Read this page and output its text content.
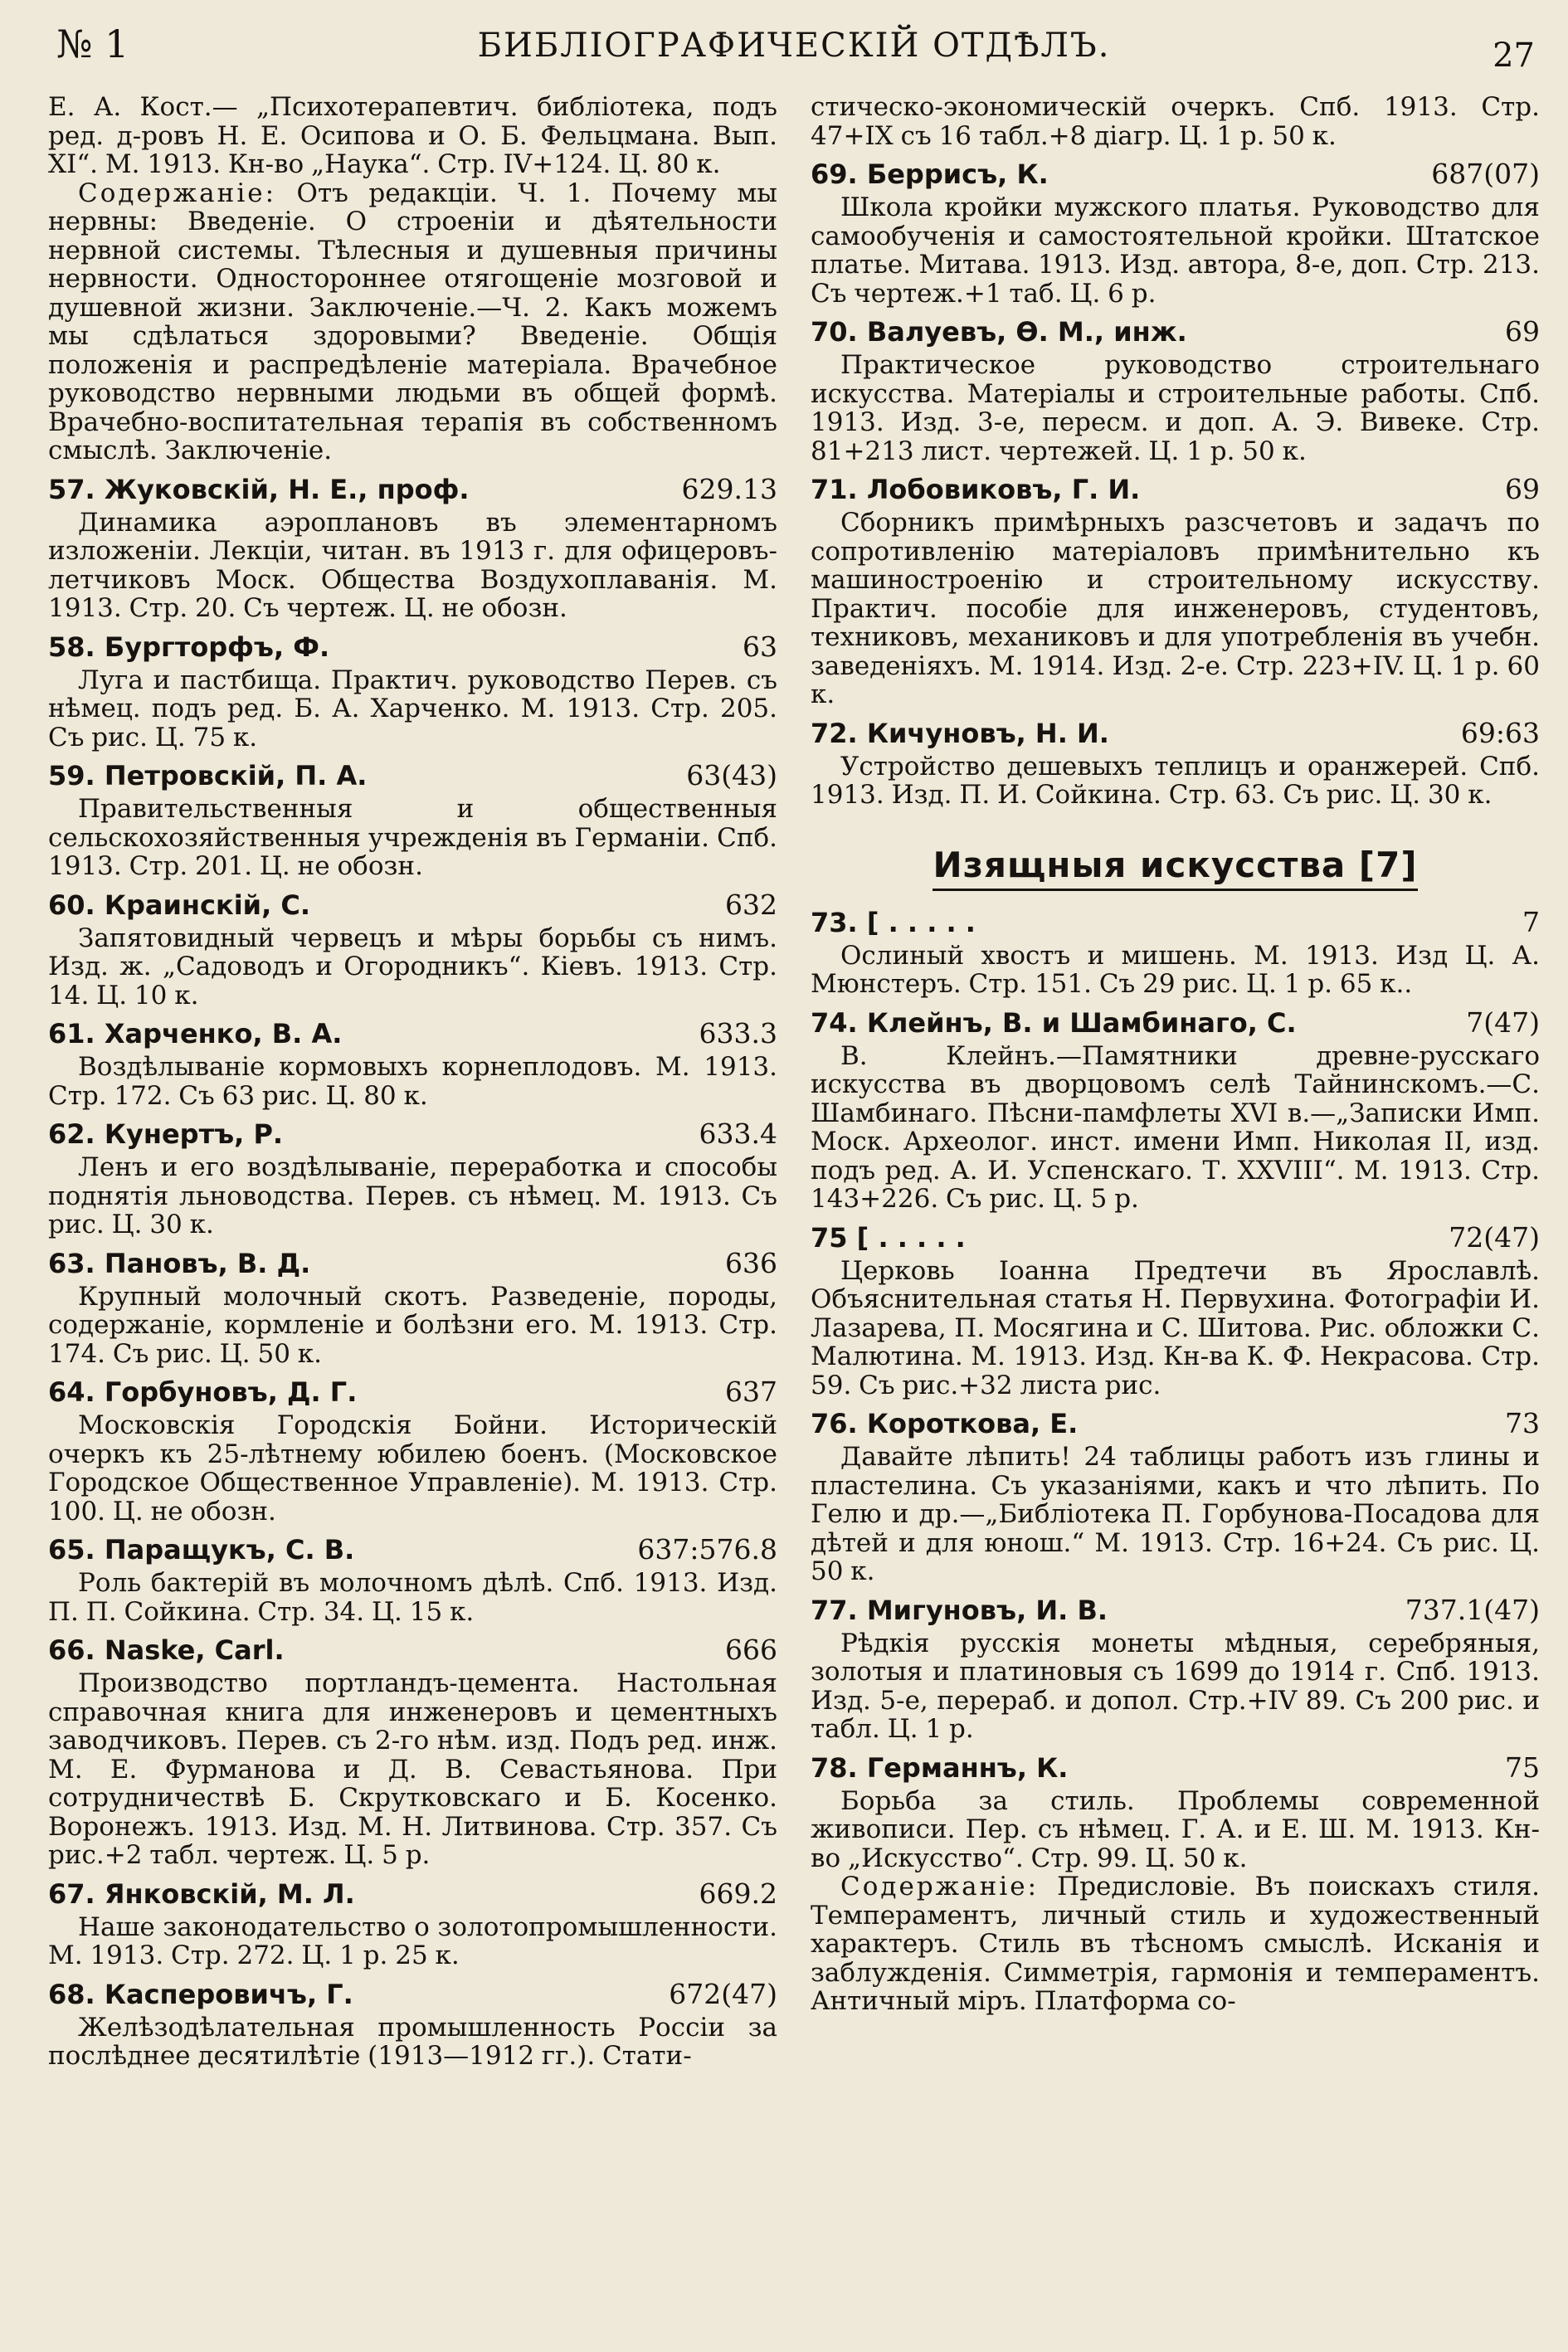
№ 1	БИБЛІОГРАФИЧЕСКІЙ ОТДѢЛЪ.	27

Е. А. Кост.— „Психотерапевтич. библіотека, подъ ред. д-ровъ Н. Е. Осипова и О. Б. Фельцмана. Вып. XI“. М. 1913. Кн-во „Наука“. Стр. IV+124. Ц. 80 к.

Содержаніе: Отъ редакціи. Ч. 1. Почему мы нервны: Введеніе. О строеніи и дѣятельности нервной системы. Тѣлесныя и душевныя причины нервности. Одностороннее отягощеніе мозговой и душевной жизни. Заключеніе.—Ч. 2. Какъ можемъ мы сдѣлаться здоровыми? Введеніе. Общія положенія и распредѣленіе матеріала. Врачебное руководство нервными людьми въ общей формѣ. Врачебно-воспитательная терапія въ собственномъ смыслѣ. Заключеніе.

57. Жуковскій, Н. Е., проф.	629.13

Динамика аэроплановъ въ элементарномъ изложеніи. Лекціи, читан. въ 1913 г. для офицеровъ-летчиковъ Моск. Общества Воздухоплаванія. М. 1913. Стр. 20. Съ чертеж. Ц. не обозн.

58. Бургторфъ, Ф.	63

Луга и пастбища. Практич. руководство Перев. съ нѣмец. подъ ред. Б. А. Харченко. М. 1913. Стр. 205. Съ рис. Ц. 75 к.

59. Петровскій, П. А.	63(43)

Правительственныя и общественныя сельскохозяйственныя учрежденія въ Германіи. Спб. 1913. Стр. 201. Ц. не обозн.

60. Краинскій, С.	632

Запятовидный червецъ и мѣры борьбы съ нимъ. Изд. ж. „Садоводъ и Огородникъ“. Кіевъ. 1913. Стр. 14. Ц. 10 к.

61. Харченко, В. А.	633.3

Воздѣлываніе кормовыхъ корнеплодовъ. М. 1913. Стр. 172. Съ 63 рис. Ц. 80 к.

62. Кунертъ, Р.	633.4

Ленъ и его воздѣлываніе, переработка и способы поднятія льноводства. Перев. съ нѣмец. М. 1913. Съ рис. Ц. 30 к.

63. Пановъ, В. Д.	636

Крупный молочный скотъ. Разведеніе, породы, содержаніе, кормленіе и болѣзни его. М. 1913. Стр. 174. Съ рис. Ц. 50 к.

64. Горбуновъ, Д. Г.	637

Московскія Городскія Бойни. Историческій очеркъ къ 25-лѣтнему юбилею боенъ. (Московское Городское Общественное Управленіе). М. 1913. Стр. 100. Ц. не обозн.

65. Паращукъ, С. В.	637:576.8

Роль бактерій въ молочномъ дѣлѣ. Спб. 1913. Изд. П. П. Сойкина. Стр. 34. Ц. 15 к.

66. Naske, Carl.	666

Производство портландъ-цемента. Настольная справочная книга для инженеровъ и цементныхъ заводчиковъ. Перев. съ 2-го нѣм. изд. Подъ ред. инж. М. Е. Фурманова и Д. В. Севастьянова. При сотрудничествѣ Б. Скрутковскаго и Б. Косенко. Воронежъ. 1913. Изд. М. Н. Литвинова. Стр. 357. Съ рис.+2 табл. чертеж. Ц. 5 р.

67. Янковскій, М. Л.	669.2

Наше законодательство о золотопромышленности. М. 1913. Стр. 272. Ц. 1 р. 25 к.

68. Касперовичъ, Г.	672(47)

Желѣзодѣлательная промышленность Россіи за послѣднее десятилѣтіе (1913—1912 гг.). Стати-

стическо-экономическій очеркъ. Спб. 1913. Стр. 47+IX съ 16 табл.+8 діагр. Ц. 1 р. 50 к.

69. Беррисъ, К.	687(07)

Школа кройки мужского платья. Руководство для самообученія и самостоятельной кройки. Штатское платье. Митава. 1913. Изд. автора, 8-е, доп. Стр. 213. Съ чертеж.+1 таб. Ц. 6 р.

70. Валуевъ, Ѳ. М., инж.	69

Практическое руководство строительнаго искусства. Матеріалы и строительные работы. Спб. 1913. Изд. 3-е, пересм. и доп. А. Э. Вивеке. Стр. 81+213 лист. чертежей. Ц. 1 р. 50 к.

71. Лобовиковъ, Г. И.	69

Сборникъ примѣрныхъ разсчетовъ и задачъ по сопротивленію матеріаловъ примѣнительно къ машиностроенію и строительному искусству. Практич. пособіе для инженеровъ, студентовъ, техниковъ, механиковъ и для употребленія въ учебн. заведеніяхъ. М. 1914. Изд. 2-е. Стр. 223+IV. Ц. 1 р. 60 к.

72. Кичуновъ, Н. И.	69:63

Устройство дешевыхъ теплицъ и оранжерей. Спб. 1913. Изд. П. И. Сойкина. Стр. 63. Съ рис. Ц. 30 к.

Изящныя искусства [7]
73. [ . . . . .	7

Ослиный хвостъ и мишень. М. 1913. Изд Ц. А. Мюнстеръ. Стр. 151. Съ 29 рис. Ц. 1 р. 65 к..

74. Клейнъ, В. и Шамбинаго, С.	7(47)

В. Клейнъ.—Памятники древне-русскаго искусства въ дворцовомъ селѣ Тайнинскомъ.—С. Шамбинаго. Пѣсни-памфлеты XVI в.—„Записки Имп. Моск. Археолог. инст. имени Имп. Николая II, изд. подъ ред. А. И. Успенскаго. Т. XXVIII“. М. 1913. Стр. 143+226. Съ рис. Ц. 5 р.

75 [ . . . . .	72(47)

Церковь Іоанна Предтечи въ Ярославлѣ. Объяснительная статья Н. Первухина. Фотографіи И. Лазарева, П. Мосягина и С. Шитова. Рис. обложки С. Малютина. М. 1913. Изд. Кн-ва К. Ф. Некрасова. Стр. 59. Съ рис.+32 листа рис.

76. Короткова, Е.	73

Давайте лѣпить! 24 таблицы работъ изъ глины и пластелина. Съ указаніями, какъ и что лѣпить. По Гелю и др.—„Библіотека П. Горбунова-Посадова для дѣтей и для юнош.“ М. 1913. Стр. 16+24. Съ рис. Ц. 50 к.

77. Мигуновъ, И. В.	737.1(47)

Рѣдкія русскія монеты мѣдныя, серебряныя, золотыя и платиновыя съ 1699 до 1914 г. Спб. 1913. Изд. 5-е, перераб. и допол. Стр.+IV 89. Съ 200 рис. и табл. Ц. 1 р.

78. Германнъ, К.	75

Борьба за стиль. Проблемы современной живописи. Пер. съ нѣмец. Г. А. и Е. Ш. М. 1913. Кн-во „Искусство“. Стр. 99. Ц. 50 к.

Содержаніе: Предисловіе. Въ поискахъ стиля. Темпераментъ, личный стиль и художественный характеръ. Стиль въ тѣсномъ смыслѣ. Исканія и заблужденія. Симметрія, гармонія и темпераментъ. Античный міръ. Платформа со-
